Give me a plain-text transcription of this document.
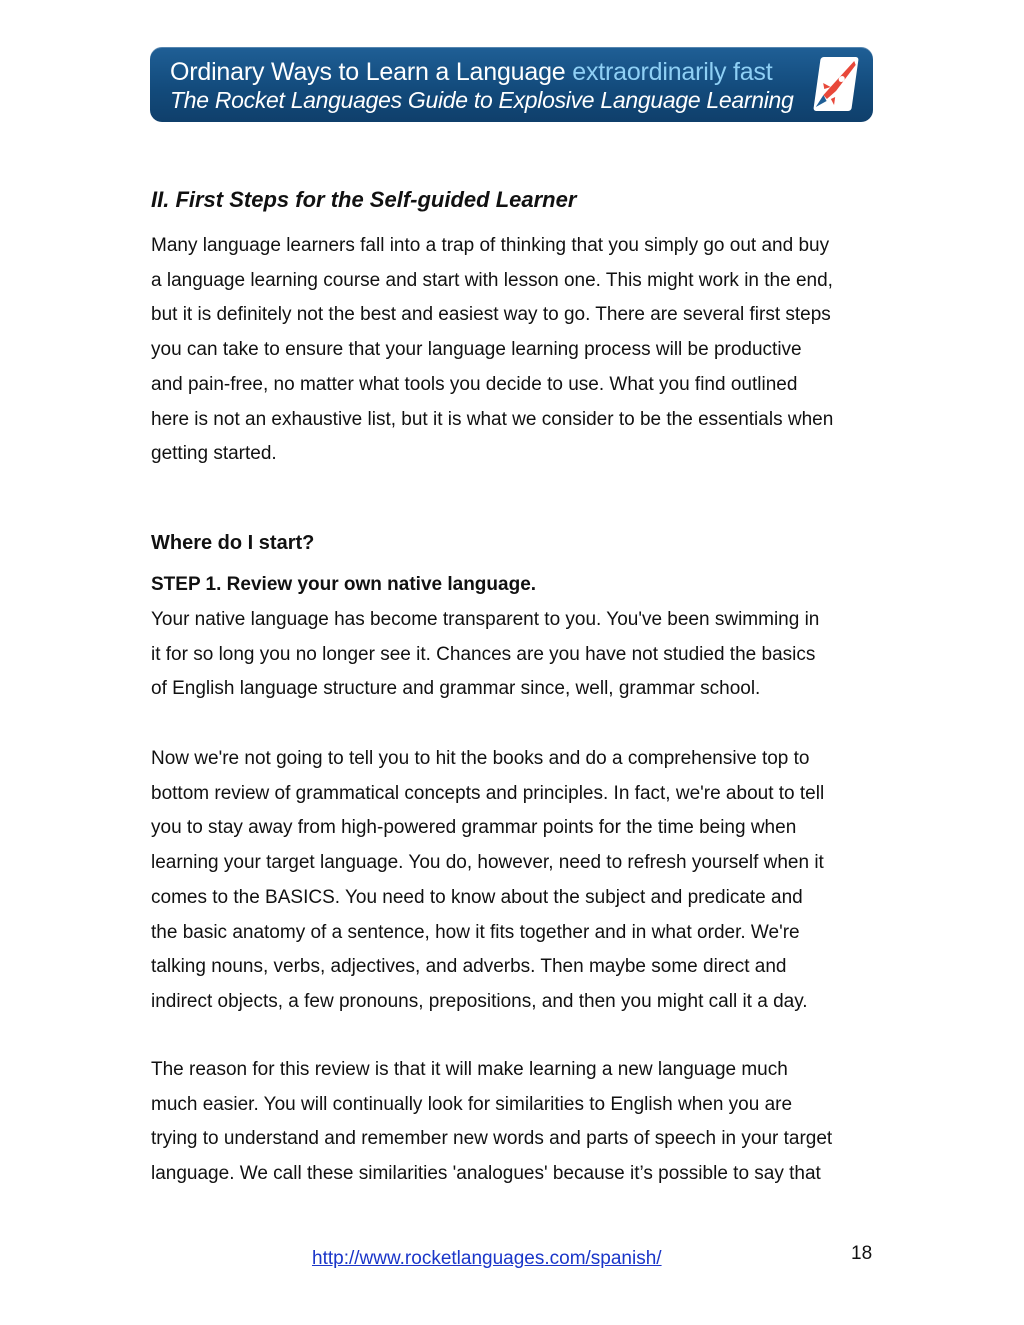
Ordinary Ways to Learn a Language extraordinarily fast
The Rocket Languages Guide to Explosive Language Learning
II. First Steps for the Self-guided Learner
Many language learners fall into a trap of thinking that you simply go out and buy
a language learning course and start with lesson one. This might work in the end,
but it is definitely not the best and easiest way to go. There are several first steps
you can take to ensure that your language learning process will be productive
and pain-free, no matter what tools you decide to use. What you find outlined
here is not an exhaustive list, but it is what we consider to be the essentials when
getting started.
Where do I start?
STEP 1. Review your own native language.
Your native language has become transparent to you. You've been swimming in
it for so long you no longer see it. Chances are you have not studied the basics
of English language structure and grammar since, well, grammar school.
Now we're not going to tell you to hit the books and do a comprehensive top to
bottom review of grammatical concepts and principles. In fact, we're about to tell
you to stay away from high-powered grammar points for the time being when
learning your target language. You do, however, need to refresh yourself when it
comes to the BASICS. You need to know about the subject and predicate and
the basic anatomy of a sentence, how it fits together and in what order. We're
talking nouns, verbs, adjectives, and adverbs. Then maybe some direct and
indirect objects, a few pronouns, prepositions, and then you might call it a day.
The reason for this review is that it will make learning a new language much
much easier. You will continually look for similarities to English when you are
trying to understand and remember new words and parts of speech in your target
language. We call these similarities 'analogues' because it’s possible to say that
http://www.rocketlanguages.com/spanish/	18
